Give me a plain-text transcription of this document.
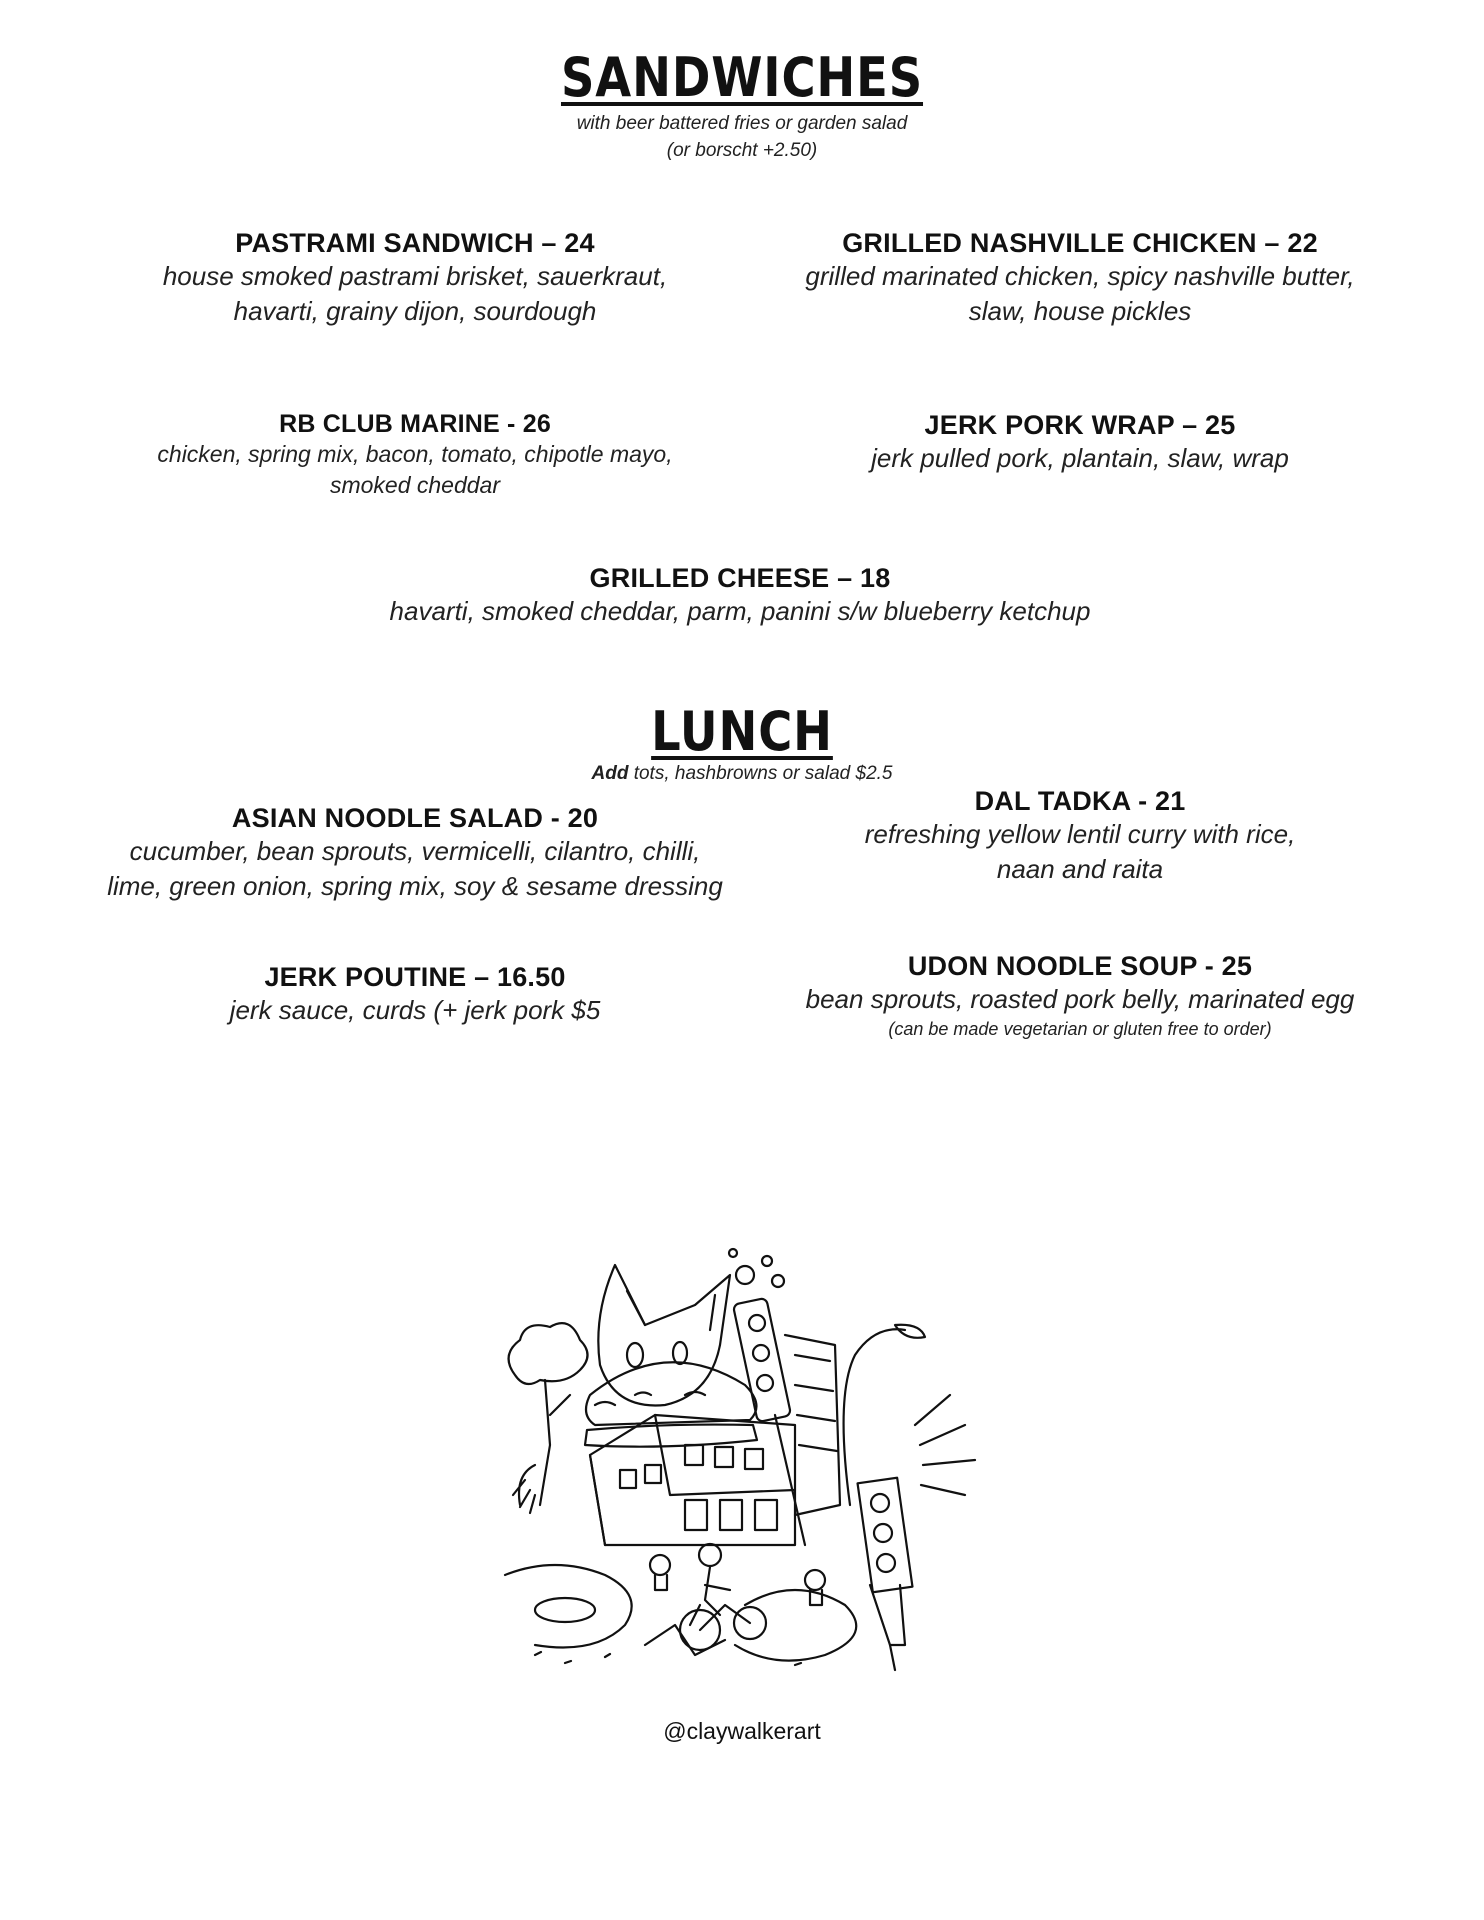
SANDWICHES
with beer battered fries or garden salad
(or borscht +2.50)
PASTRAMI SANDWICH – 24
house smoked pastrami brisket, sauerkraut,
havarti, grainy dijon, sourdough
GRILLED NASHVILLE CHICKEN – 22
grilled marinated chicken, spicy nashville butter,
slaw, house pickles
RB CLUB MARINE - 26
chicken, spring mix, bacon, tomato, chipotle mayo,
smoked cheddar
JERK PORK WRAP – 25
jerk pulled pork, plantain, slaw, wrap
GRILLED CHEESE – 18
havarti, smoked cheddar, parm, panini s/w blueberry ketchup
LUNCH
Add tots, hashbrowns or salad $2.5
ASIAN NOODLE SALAD - 20
cucumber, bean sprouts, vermicelli, cilantro, chilli,
lime, green onion, spring mix, soy & sesame dressing
DAL TADKA - 21
refreshing yellow lentil curry with rice,
naan and raita
JERK POUTINE – 16.50
jerk sauce, curds (+ jerk pork $5
UDON NOODLE SOUP - 25
bean sprouts, roasted pork belly, marinated egg
(can be made vegetarian or gluten free to order)
@claywalkerart
